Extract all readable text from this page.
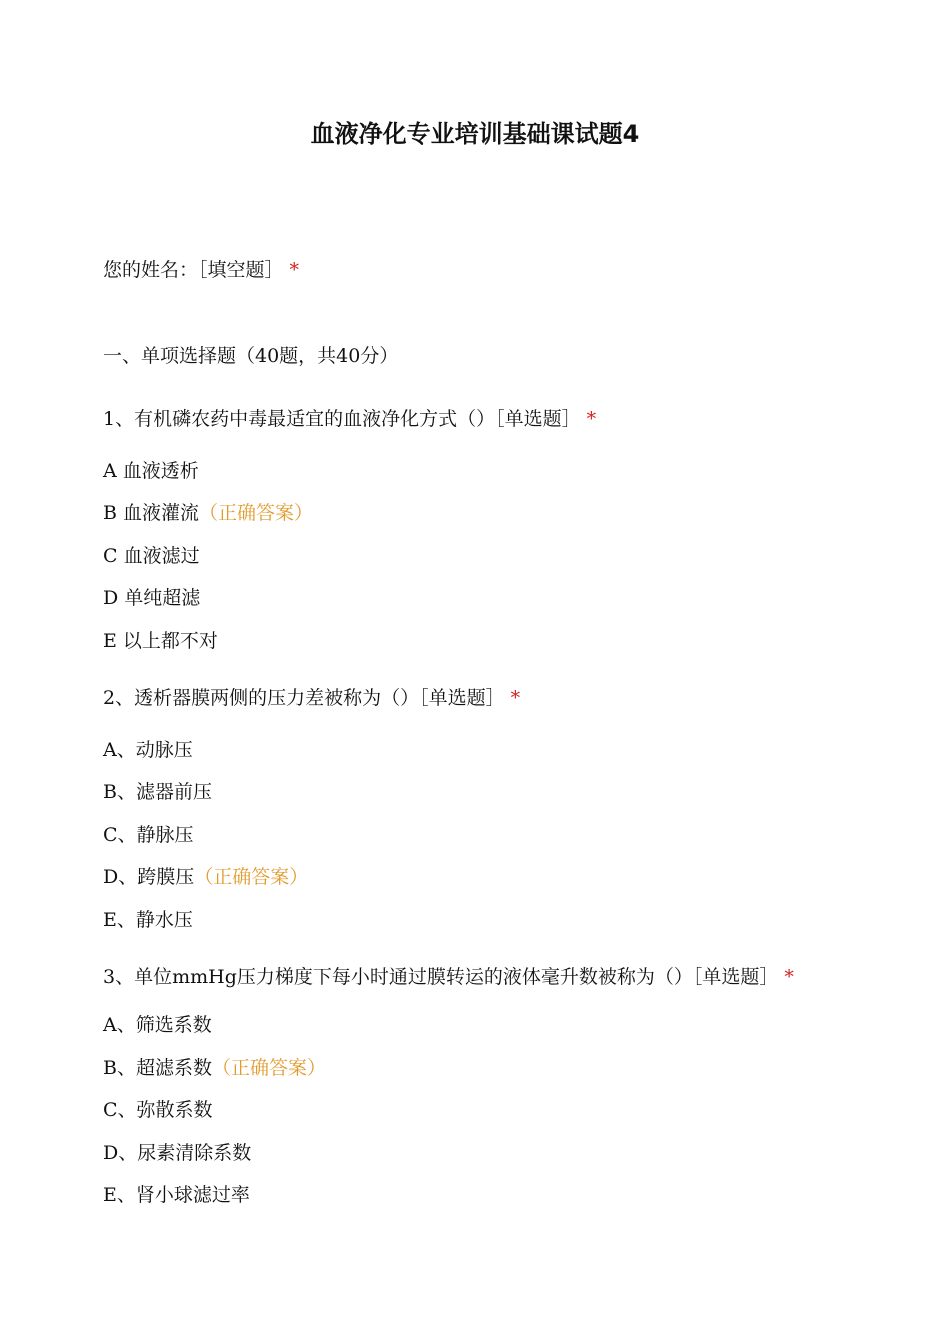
血液净化专业培训基础课试题4
您的姓名：［填空题］ *
一、单项选择题（40题，共40分）
1、有机磷农药中毒最适宜的血液净化方式（）［单选题］ *
A 血液透析
B 血液灌流（正确答案）
C 血液滤过
D 单纯超滤
E 以上都不对
2、透析器膜两侧的压力差被称为（）［单选题］ *
A、动脉压
B、滤器前压
C、静脉压
D、跨膜压（正确答案）
E、静水压
3、单位mmHg压力梯度下每小时通过膜转运的液体毫升数被称为（）［单选题］ *
A、筛选系数
B、超滤系数（正确答案）
C、弥散系数
D、尿素清除系数
E、肾小球滤过率
